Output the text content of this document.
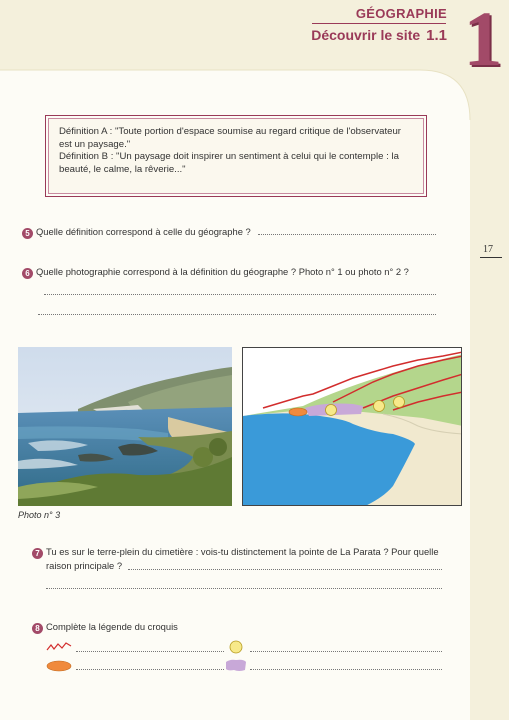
GÉOGRAPHIE
Découvrir le site 1.1 1
17

Définition A : "Toute portion d'espace soumise au regard critique de l'observateur

est un paysage."

Définition B : "Un paysage doit inspirer un sentiment à celui qui le contemple : la

beauté, le calme, la rêverie..."

5 Quelle définition correspond à celle du géographe ?
6 Quelle photographie correspond à la définition du géographe ? Photo n° 1 ou photo n° 2 ?
Photo n° 3
7 Tu es sur le terre-plein du cimetière : vois-tu distinctement la pointe de La Parata ? Pour quelle
raison principale ?
8 Complète la légende du croquis
